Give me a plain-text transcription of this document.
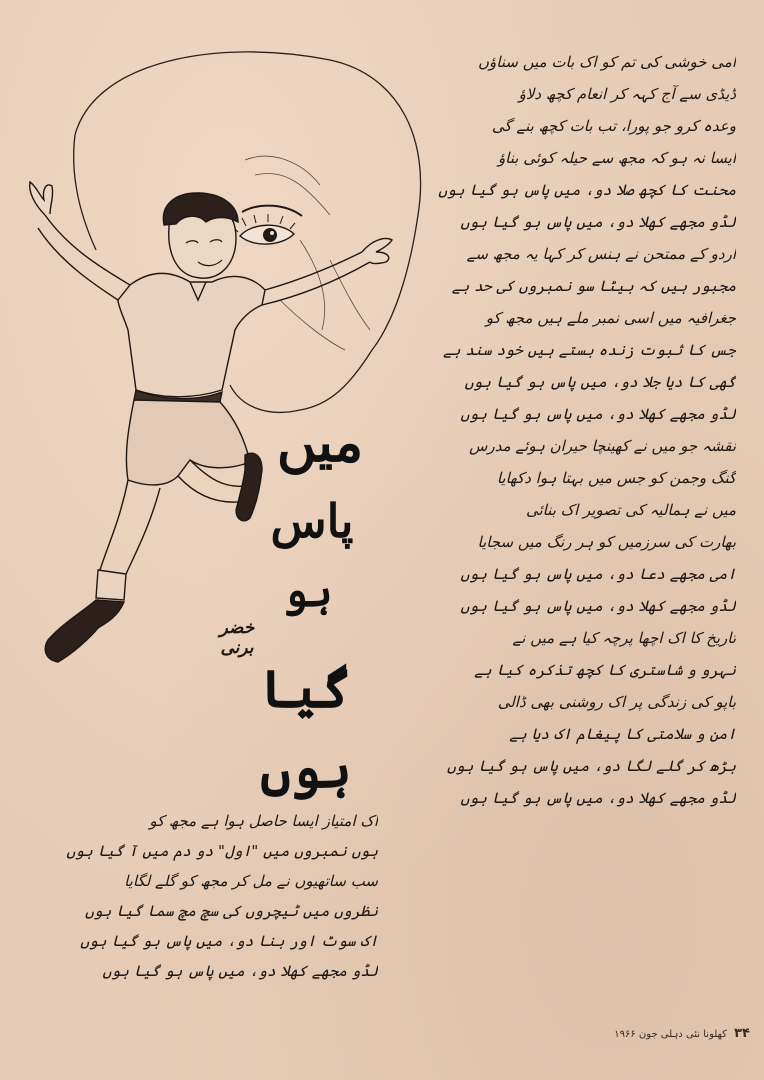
امی خوشی کی تم کو اک بات میں سناؤں
ڈیڈی سے آج کہہ کر انعام کچھ دلاؤ
وعدہ کرو جو پورا، تب بات کچھ بنے گی
ایسا نہ ہو کہ مجھ سے حیلہ کوئی بناؤ
محنت کا کچھ صلا دو، میں پاس ہو گیا ہوں
لڈو مجھے کھلا دو، میں پاس ہو گیا ہوں
اردو کے ممتحن نے ہنس کر کہا یہ مجھ سے
مجبور ہیں کہ بیٹا سو نمبروں کی حد ہے
جغرافیہ میں اسی نمبر ملے ہیں مجھ کو
جس کا ثبوت زندہ بستے ہیں خود سند ہے
گھی کا دیا جلا دو، میں پاس ہو گیا ہوں
لڈو مجھے کھلا دو، میں پاس ہو گیا ہوں
نقشہ جو میں نے کھینچا حیران ہوئے مدرس
گنگ وجمن کو جس میں بہتا ہوا دکھایا
میں نے ہمالیہ کی تصویر اک بنائی
بھارت کی سرزمیں کو ہر رنگ میں سجایا
امی مجھے دعا دو، میں پاس ہو گیا ہوں
لڈو مجھے کھلا دو، میں پاس ہو گیا ہوں
تاریخ کا اک اچھا پرچہ کیا ہے میں نے
نہرو و شاستری کا کچھ تذکرہ کیا ہے
باپو کی زندگی پر اک روشنی بھی ڈالی
امن و سلامتی کا پیغام اک دیا ہے
بڑھ کر گلے لگا دو، میں پاس ہو گیا ہوں
لڈو مجھے کھلا دو، میں پاس ہو گیا ہوں
میں
پاس
ہو
گیا ہوں
خضر برنی
اک امتیاز ایسا حاصل ہوا ہے مجھ کو
ہوں نمبروں میں "اول" دو دم میں آ گیا ہوں
سب ساتھیوں نے مل کر مجھ کو گلے لگایا
نظروں میں ٹیچروں کی سچ مچ سما گیا ہوں
اک سوٹ اور بنا دو، میں پاس ہو گیا ہوں
لڈو مجھے کھلا دو، میں پاس ہو گیا ہوں
۳۴ کھلونا نئی دہلی جون ۱۹۶۶
